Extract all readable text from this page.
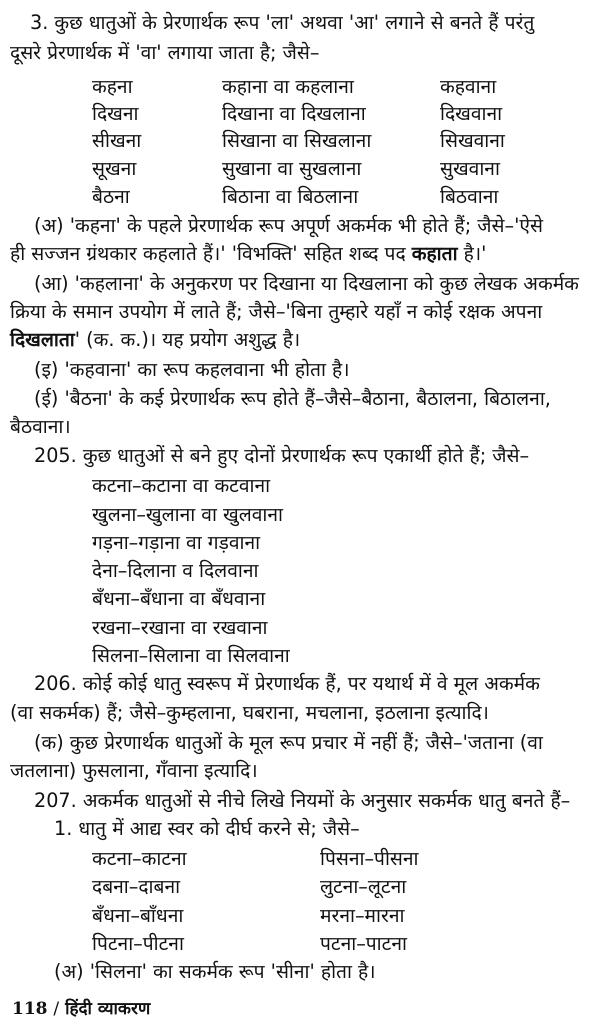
3. कुछ धातुओं के प्रेरणार्थक रूप 'ला' अथवा 'आ' लगाने से बनते हैं परंतु
दूसरे प्रेरणार्थक में 'वा' लगाया जाता है; जैसे–
कहना	कहाना वा कहलाना	कहवाना
दिखना	दिखाना वा दिखलाना	दिखवाना
सीखना	सिखाना वा सिखलाना	सिखवाना
सूखना	सुखाना वा सुखलाना	सुखवाना
बैठना	बिठाना वा बिठलाना	बिठवाना
(अ) 'कहना' के पहले प्रेरणार्थक रूप अपूर्ण अकर्मक भी होते हैं; जैसे–'ऐसे
ही सज्जन ग्रंथकार कहलाते हैं।' 'विभक्ति' सहित शब्द पद कहाता है।'
(आ) 'कहलाना' के अनुकरण पर दिखाना या दिखलाना को कुछ लेखक अकर्मक
क्रिया के समान उपयोग में लाते हैं; जैसे–'बिना तुम्हारे यहाँ न कोई रक्षक अपना
दिखलाता' (क. क.)। यह प्रयोग अशुद्ध है।
(इ) 'कहवाना' का रूप कहलवाना भी होता है।
(ई) 'बैठना' के कई प्रेरणार्थक रूप होते हैं–जैसे–बैठाना, बैठालना, बिठालना,
बैठवाना।
205. कुछ धातुओं से बने हुए दोनों प्रेरणार्थक रूप एकार्थी होते हैं; जैसे–
कटना–कटाना वा कटवाना
खुलना–खुलाना वा खुलवाना
गड़ना–गड़ाना वा गड़वाना
देना–दिलाना व दिलवाना
बँधना–बँधाना वा बँधवाना
रखना–रखाना वा रखवाना
सिलना–सिलाना वा सिलवाना
206. कोई कोई धातु स्वरूप में प्रेरणार्थक हैं, पर यथार्थ में वे मूल अकर्मक
(वा सकर्मक) हैं; जैसे–कुम्हलाना, घबराना, मचलाना, इठलाना इत्यादि।
(क) कुछ प्रेरणार्थक धातुओं के मूल रूप प्रचार में नहीं हैं; जैसे–'जताना (वा
जतलाना) फुसलाना, गँवाना इत्यादि।
207. अकर्मक धातुओं से नीचे लिखे नियमों के अनुसार सकर्मक धातु बनते हैं–
1. धातु में आद्य स्वर को दीर्घ करने से; जैसे–
कटना–काटना	पिसना–पीसना
दबना–दाबना	लुटना–लूटना
बँधना–बाँधना	मरना–मारना
पिटना–पीटना	पटना–पाटना
(अ) 'सिलना' का सकर्मक रूप 'सीना' होता है।
118 / हिंदी व्याकरण
